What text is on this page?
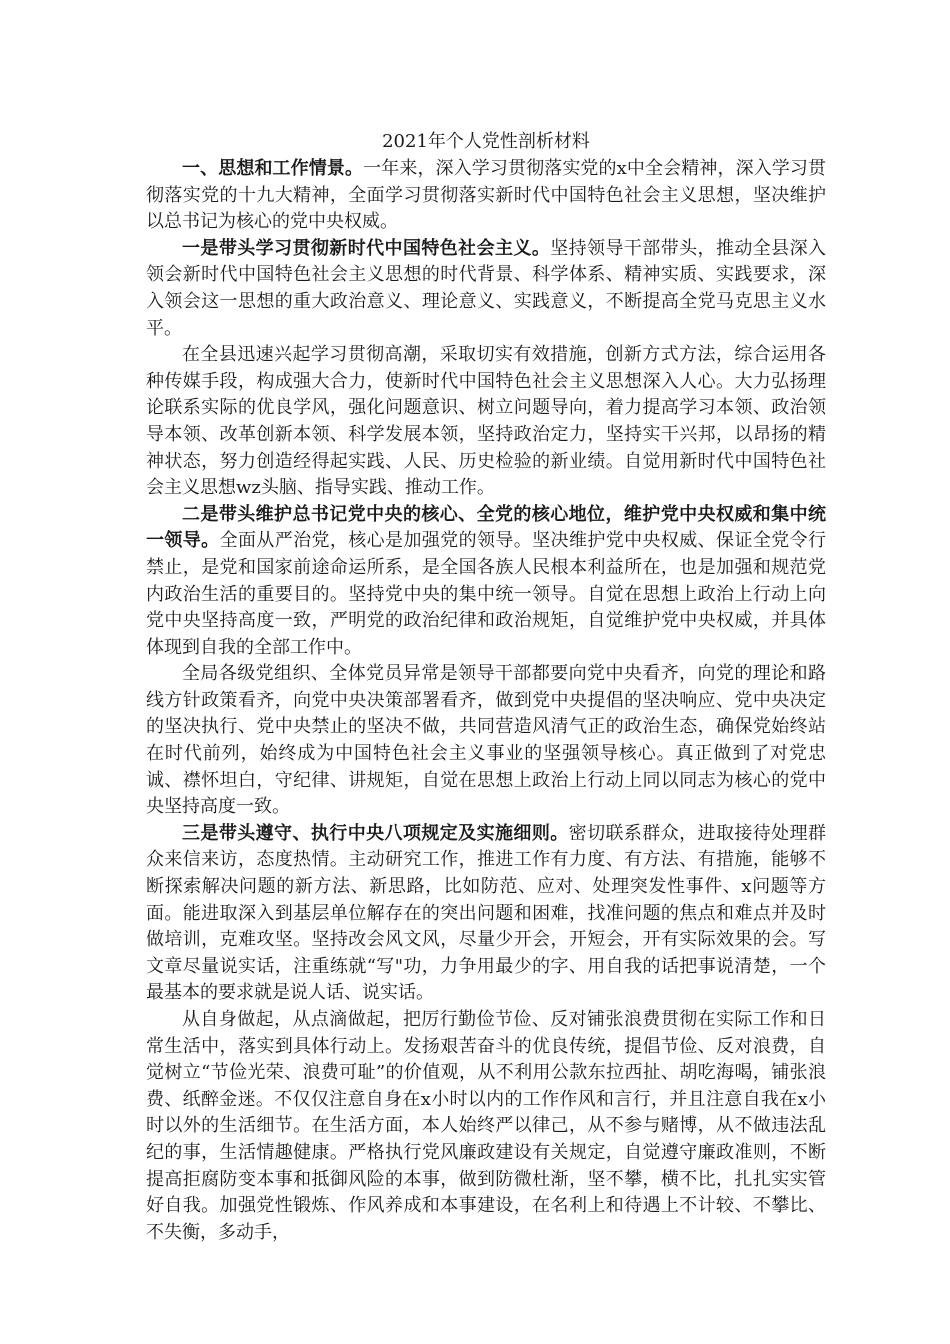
2021年个人党性剖析材料

一、思想和工作情景。一年来，深入学习贯彻落实党的x中全会精神，深入学习贯彻落实党的十九大精神，全面学习贯彻落实新时代中国特色社会主义思想，坚决维护以总书记为核心的党中央权威。

一是带头学习贯彻新时代中国特色社会主义。坚持领导干部带头，推动全县深入领会新时代中国特色社会主义思想的时代背景、科学体系、精神实质、实践要求，深入领会这一思想的重大政治意义、理论意义、实践意义，不断提高全党马克思主义水平。

在全县迅速兴起学习贯彻高潮，采取切实有效措施，创新方式方法，综合运用各种传媒手段，构成强大合力，使新时代中国特色社会主义思想深入人心。大力弘扬理论联系实际的优良学风，强化问题意识、树立问题导向，着力提高学习本领、政治领导本领、改革创新本领、科学发展本领，坚持政治定力，坚持实干兴邦，以昂扬的精神状态，努力创造经得起实践、人民、历史检验的新业绩。自觉用新时代中国特色社会主义思想wz头脑、指导实践、推动工作。

二是带头维护总书记党中央的核心、全党的核心地位，维护党中央权威和集中统一领导。全面从严治党，核心是加强党的领导。坚决维护党中央权威、保证全党令行禁止，是党和国家前途命运所系，是全国各族人民根本利益所在，也是加强和规范党内政治生活的重要目的。坚持党中央的集中统一领导。自觉在思想上政治上行动上向党中央坚持高度一致，严明党的政治纪律和政治规矩，自觉维护党中央权威，并具体体现到自我的全部工作中。

全局各级党组织、全体党员异常是领导干部都要向党中央看齐，向党的理论和路线方针政策看齐，向党中央决策部署看齐，做到党中央提倡的坚决响应、党中央决定的坚决执行、党中央禁止的坚决不做，共同营造风清气正的政治生态，确保党始终站在时代前列，始终成为中国特色社会主义事业的坚强领导核心。真正做到了对党忠诚、襟怀坦白，守纪律、讲规矩，自觉在思想上政治上行动上同以同志为核心的党中央坚持高度一致。

三是带头遵守、执行中央八项规定及实施细则。密切联系群众，进取接待处理群众来信来访，态度热情。主动研究工作，推进工作有力度、有方法、有措施，能够不断探索解决问题的新方法、新思路，比如防范、应对、处理突发性事件、x问题等方面。能进取深入到基层单位解存在的突出问题和困难，找准问题的焦点和难点并及时做培训，克难攻坚。坚持改会风文风，尽量少开会，开短会，开有实际效果的会。写文章尽量说实话，注重练就“写"功，力争用最少的字、用自我的话把事说清楚，一个最基本的要求就是说人话、说实话。

从自身做起，从点滴做起，把厉行勤俭节俭、反对铺张浪费贯彻在实际工作和日常生活中，落实到具体行动上。发扬艰苦奋斗的优良传统，提倡节俭、反对浪费，自觉树立“节俭光荣、浪费可耻”的价值观，从不利用公款东拉西扯、胡吃海喝，铺张浪费、纸醉金迷。不仅仅注意自身在x小时以内的工作作风和言行，并且注意自我在x小时以外的生活细节。在生活方面，本人始终严以律己，从不参与赌博，从不做违法乱纪的事，生活情趣健康。严格执行党风廉政建设有关规定，自觉遵守廉政准则，不断提高拒腐防变本事和抵御风险的本事，做到防微杜渐，坚不攀，横不比，扎扎实实管好自我。加强党性锻炼、作风养成和本事建设，在名利上和待遇上不计较、不攀比、不失衡，多动手，
